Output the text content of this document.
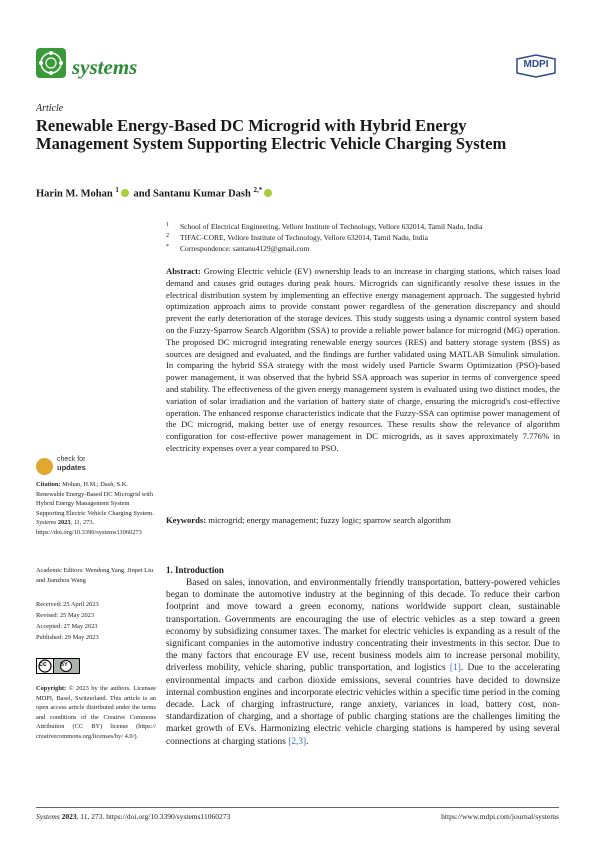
systems	MDPI
Article
Renewable Energy-Based DC Microgrid with Hybrid Energy Management System Supporting Electric Vehicle Charging System
Harin M. Mohan $^1$ and Santanu Kumar Dash $^{2,*}$
1 School of Electrical Engineering, Vellore Institute of Technology, Vellore 632014, Tamil Nadu, India
2 TIFAC-CORE, Vellore Institute of Technology, Vellore 632014, Tamil Nadu, India
* Correspondence: santanu4129@gmail.com
Abstract: Growing Electric vehicle (EV) ownership leads to an increase in charging stations, which raises load demand and causes grid outages during peak hours. Microgrids can significantly resolve these issues in the electrical distribution system by implementing an effective energy management approach. The suggested hybrid optimization approach aims to provide constant power regardless of the generation discrepancy and should prevent the early deterioration of the storage devices. This study suggests using a dynamic control system based on the Fuzzy-Sparrow Search Algorithm (SSA) to provide a reliable power balance for microgrid (MG) operation. The proposed DC microgrid integrating renewable energy sources (RES) and battery storage system (BSS) as sources are designed and evaluated, and the findings are further validated using MATLAB Simulink simulation. In comparing the hybrid SSA strategy with the most widely used Particle Swarm Optimization (PSO)-based power management, it was observed that the hybrid SSA approach was superior in terms of convergence speed and stability. The effectiveness of the given energy management system is evaluated using two distinct modes, the variation of solar irradiation and the variation of battery state of charge, ensuring the microgrid's cost-effective operation. The enhanced response characteristics indicate that the Fuzzy-SSA can optimise power management of the DC microgrid, making better use of energy resources. These results show the relevance of algorithm configuration for cost-effective power management in DC microgrids, as it saves approximately 7.776% in electricity expenses over a year compared to PSO.
Keywords: microgrid; energy management; fuzzy logic; sparrow search algorithm
1. Introduction
Based on sales, innovation, and environmentally friendly transportation, battery-powered vehicles began to dominate the automotive industry at the beginning of this decade. To reduce their carbon footprint and move toward a green economy, nations worldwide support clean, sustainable transportation. Governments are encouraging the use of electric vehicles as a step toward a green economy by subsidizing consumer taxes. The market for electric vehicles is expanding as a result of the significant companies in the automotive industry concentrating their investments in this sector. Due to the many factors that encourage EV use, recent business models aim to increase personal mobility, driverless mobility, vehicle sharing, public transportation, and logistics [1]. Due to the accelerating environmental impacts and carbon dioxide emissions, several countries have decided to downsize internal combustion engines and incorporate electric vehicles within a specific time period in the coming decade. Lack of charging infrastructure, range anxiety, variances in load, battery cost, non-standardization of charging, and a shortage of public charging stations are the challenges limiting the market growth of EVs. Harmonizing electric vehicle charging stations is hampered by using several connections at charging stations [2,3].
check for
updates
Citation: Mohan, H.M.; Dash, S.K. Renewable Energy-Based DC Microgrid with Hybrid Energy Management System Supporting Electric Vehicle Charging System. Systems 2023, 11, 273. https://doi.org/10.3390/systems11060273
Academic Editors: Wendong Yang, Jinpei Liu and Jianzhou Wang
Received: 25 April 2023
Revised: 25 May 2023
Accepted: 27 May 2023
Published: 29 May 2023
cc BY
Copyright: © 2023 by the authors. Licensee MDPI, Basel, Switzerland. This article is an open access article distributed under the terms and conditions of the Creative Commons Attribution (CC BY) license (https:// creativecommons.org/licenses/by/ 4.0/).
Systems 2023, 11, 273. https://doi.org/10.3390/systems11060273	https://www.mdpi.com/journal/systems
